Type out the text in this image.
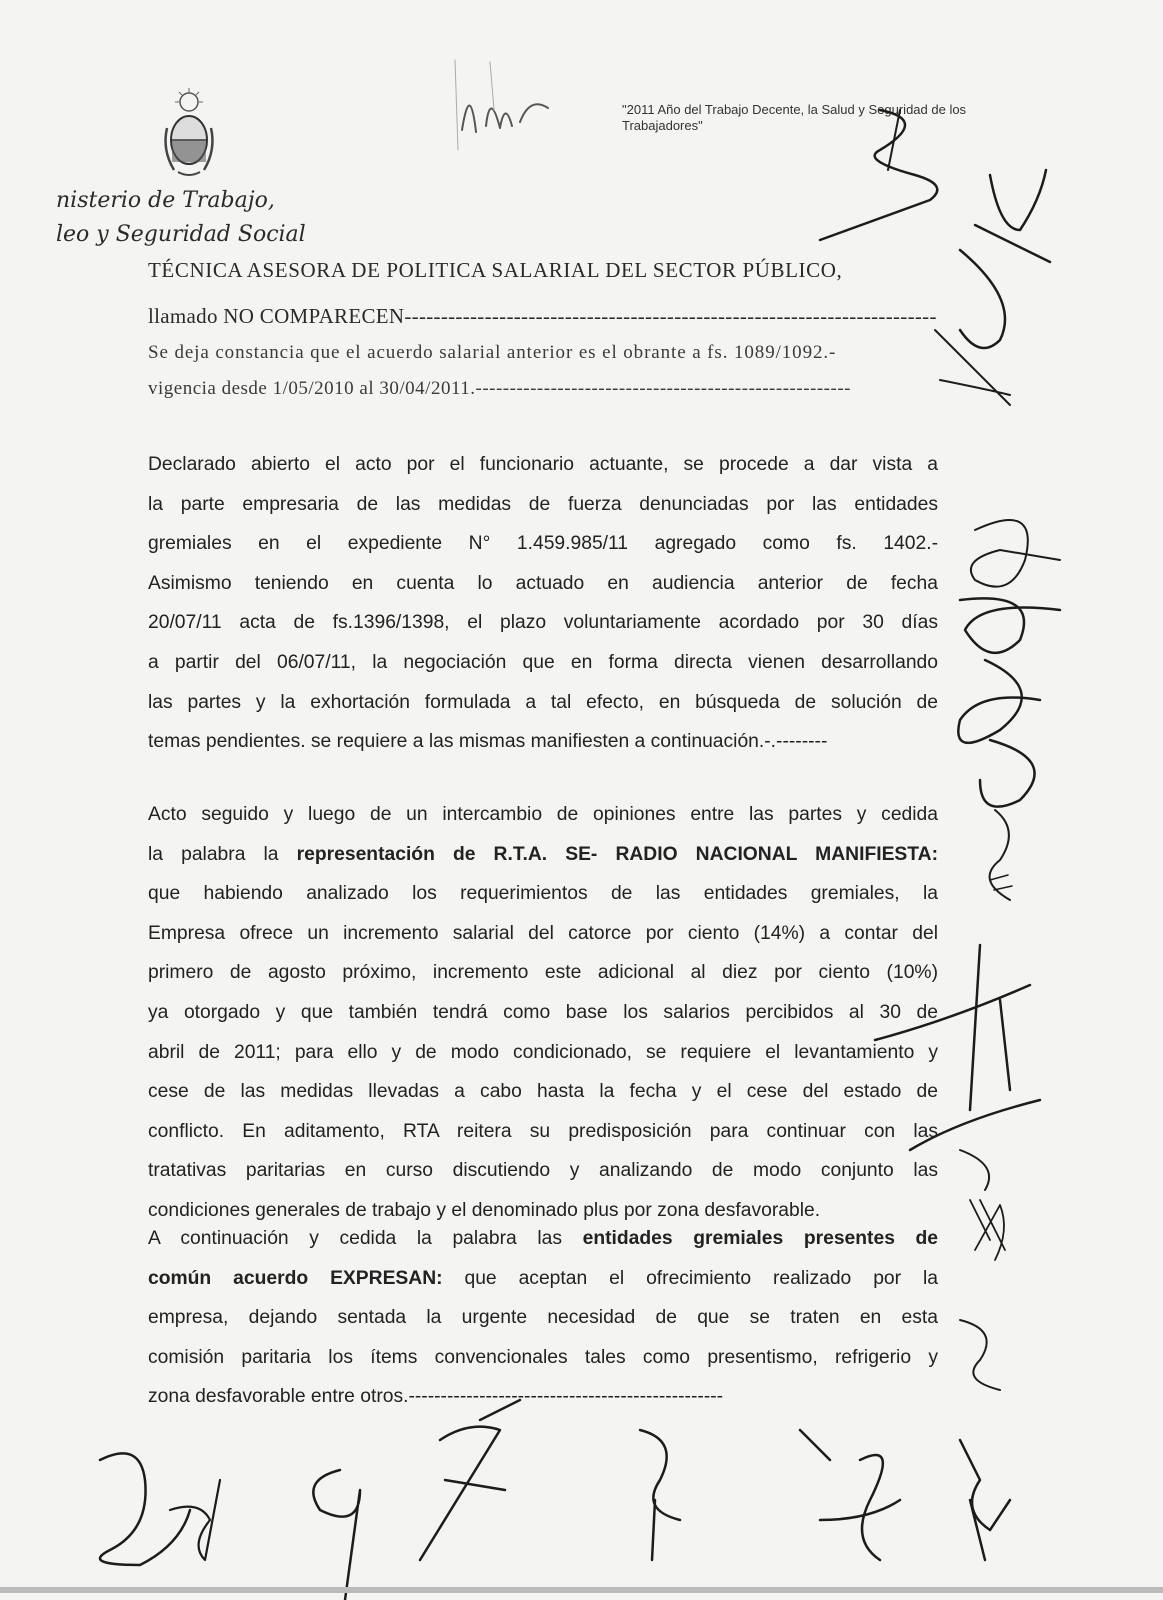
nisterio de Trabajo,
leo y Seguridad Social
"2011 Año del Trabajo Decente, la Salud y Seguridad de los Trabajadores"
TÉCNICA ASESORA DE POLITICA SALARIAL DEL SECTOR PÚBLICO,
llamado NO COMPARECEN-------------------------------------------------------------------------
Se deja constancia que el acuerdo salarial anterior es el obrante a fs. 1089/1092.-
vigencia desde 1/05/2010 al 30/04/2011.-------------------------------------------------------
Declarado abierto el acto por el funcionario actuante, se procede a dar vista a
la parte empresaria de las medidas de fuerza denunciadas por las entidades
gremiales en el expediente N° 1.459.985/11 agregado como fs. 1402.-
Asimismo teniendo en cuenta lo actuado en audiencia anterior de fecha
20/07/11 acta de fs.1396/1398, el plazo voluntariamente acordado por 30 días
a partir del 06/07/11, la negociación que en forma directa vienen desarrollando
las partes y la exhortación formulada a tal efecto, en búsqueda de solución de
temas pendientes. se requiere a las mismas manifiesten a continuación.-.--------
Acto seguido y luego de un intercambio de opiniones entre las partes y cedida
la palabra la representación de R.T.A. SE- RADIO NACIONAL MANIFIESTA:
que habiendo analizado los requerimientos de las entidades gremiales, la
Empresa ofrece un incremento salarial del catorce por ciento (14%) a contar del
primero de agosto próximo, incremento este adicional al diez por ciento (10%)
ya otorgado y que también tendrá como base los salarios percibidos al 30 de
abril de 2011; para ello y de modo condicionado, se requiere el levantamiento y
cese de las medidas llevadas a cabo hasta la fecha y el cese del estado de
conflicto. En aditamento, RTA reitera su predisposición para continuar con las
tratativas paritarias en curso discutiendo y analizando de modo conjunto las
condiciones generales de trabajo y el denominado plus por zona desfavorable.
A continuación y cedida la palabra las entidades gremiales presentes de
común acuerdo EXPRESAN: que aceptan el ofrecimiento realizado por la
empresa, dejando sentada la urgente necesidad de que se traten en esta
comisión paritaria los ítems convencionales tales como presentismo, refrigerio y
zona desfavorable entre otros.-------------------------------------------------
